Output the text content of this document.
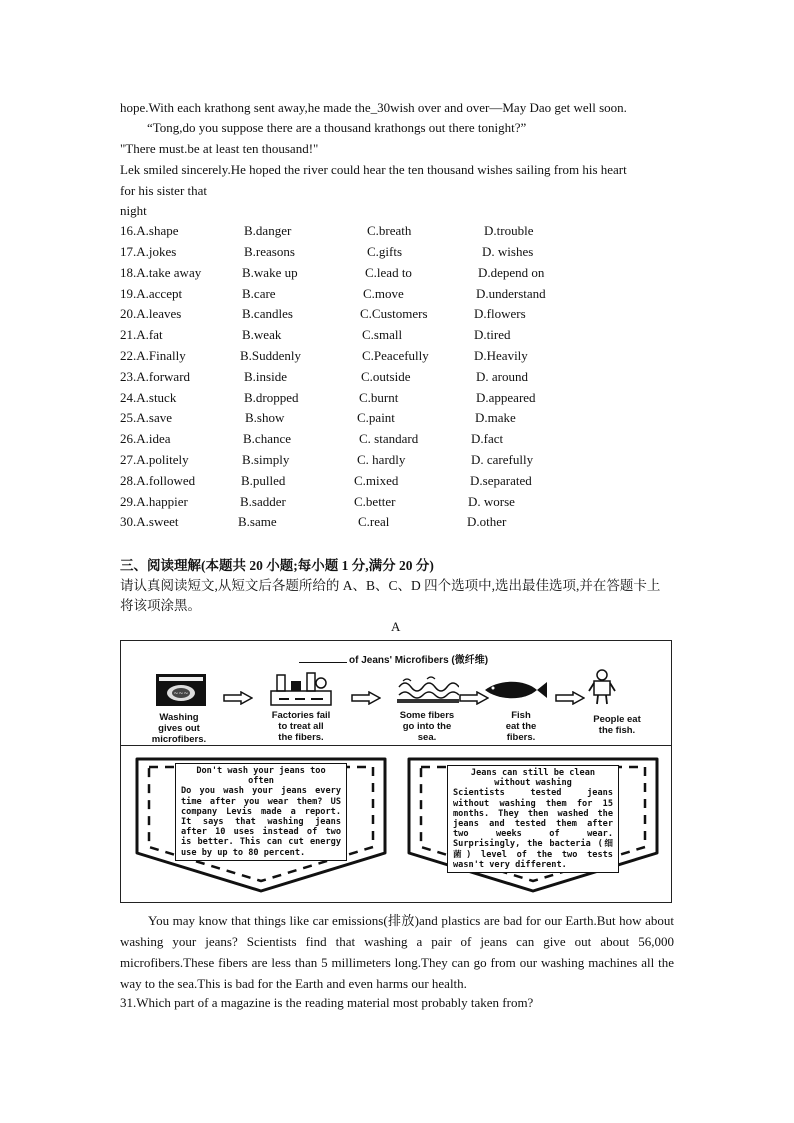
hope.With each krathong sent away,he made the_30wish over and over—May Dao get well soon.
“Tong,do you suppose there are a thousand krathongs out there tonight?”
"There must.be at least ten thousand!"
Lek smiled sincerely.He hoped the river could hear the ten thousand wishes sailing from his heart
for his sister that
night
16.A.shape	B.danger	C.breath	D.trouble
17.A.jokes	B.reasons	C.gifts	D. wishes
18.A.take away	B.wake up	C.lead to	D.depend on
19.A.accept	B.care	C.move	D.understand
20.A.leaves	B.candles	C.Customers	D.flowers
21.A.fat	B.weak	C.small	D.tired
22.A.Finally	B.Suddenly	C.Peacefully	D.Heavily
23.A.forward	B.inside	C.outside	D. around
24.A.stuck	B.dropped	C.burnt	D.appeared
25.A.save	B.show	C.paint	D.make
26.A.idea	B.chance	C. standard	D.fact
27.A.politely	B.simply	C. hardly	D. carefully
28.A.followed	B.pulled	C.mixed	D.separated
29.A.happier	B.sadder	C.better	D. worse
30.A.sweet	B.same	C.real	D.other
三、阅读理解(本题共 20 小题;每小题 1 分,满分 20 分)
请认真阅读短文,从短文后各题所给的 A、B、C、D 四个选项中,选出最佳选项,并在答题卡上
将该项涂黑。
A
of Jeans' Microfibers (微纤维)
~~~
Washing
gives out
microfibers.
Factories fail
to treat all
the fibers.
Some fibers
go into the
sea.
Fish
eat the
fibers.
People eat
the fish.
Don't wash your jeans too often
Do you wash your jeans every time after you wear them? US company Levis made a report. It says that washing jeans after 10 uses instead of two is better. This can cut energy use by up to 80 percent.
Jeans can still be clean without washing
Scientists tested jeans without washing them for 15 months. They then washed the jeans and tested them after two weeks of wear. Surprisingly, the bacteria (细菌) level of the two tests wasn't very different.
You may know that things like car emissions(排放)and plastics are bad for our Earth.But how about washing your jeans? Scientists find that washing a pair of jeans can give out about 56,000 microfibers.These fibers are less than 5 millimeters long.They can go from our washing machines all the way to the sea.This is bad for the Earth and even harms our health.
31.Which part of a magazine is the reading material most probably taken from?
